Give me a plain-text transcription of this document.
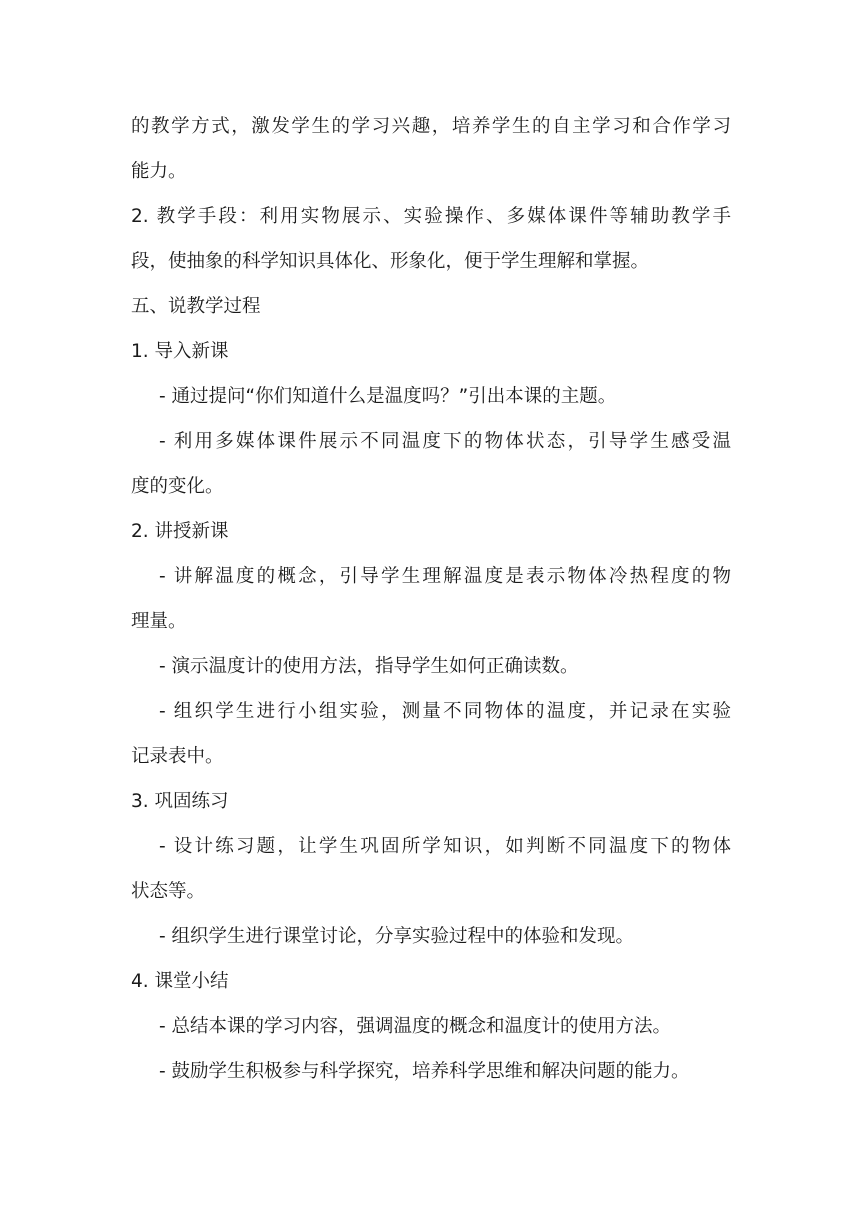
的教学方式，激发学生的学习兴趣，培养学生的自主学习和合作学习
能力。
2. 教学手段：利用实物展示、实验操作、多媒体课件等辅助教学手
段，使抽象的科学知识具体化、形象化，便于学生理解和掌握。
五、说教学过程
1. 导入新课
- 通过提问“你们知道什么是温度吗？”引出本课的主题。
- 利用多媒体课件展示不同温度下的物体状态，引导学生感受温
度的变化。
2. 讲授新课
- 讲解温度的概念，引导学生理解温度是表示物体冷热程度的物
理量。
- 演示温度计的使用方法，指导学生如何正确读数。
- 组织学生进行小组实验，测量不同物体的温度，并记录在实验
记录表中。
3. 巩固练习
- 设计练习题，让学生巩固所学知识，如判断不同温度下的物体
状态等。
- 组织学生进行课堂讨论，分享实验过程中的体验和发现。
4. 课堂小结
- 总结本课的学习内容，强调温度的概念和温度计的使用方法。
- 鼓励学生积极参与科学探究，培养科学思维和解决问题的能力。
